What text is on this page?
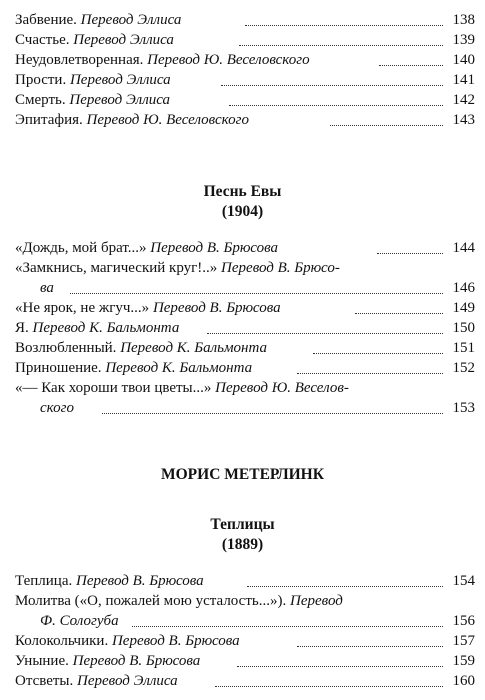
Забвение. Перевод Эллиса	138
Счастье. Перевод Эллиса	139
Неудовлетворенная. Перевод Ю. Веселовского	140
Прости. Перевод Эллиса	141
Смерть. Перевод Эллиса	142
Эпитафия. Перевод Ю. Веселовского	143
Песнь Евы
(1904)
«Дождь, мой брат...» Перевод В. Брюсова	144
«Замкнись, магический круг!..» Перевод В. Брюсо-
ва	146
«Не ярок, не жгуч...» Перевод В. Брюсова	149
Я. Перевод К. Бальмонта	150
Возлюбленный. Перевод К. Бальмонта	151
Приношение. Перевод К. Бальмонта	152
«— Как хороши твои цветы...» Перевод Ю. Веселов-
ского	153
МОРИС МЕТЕРЛИНК
Теплицы
(1889)
Теплица. Перевод В. Брюсова	154
Молитва («О, пожалей мою усталость...»). Перевод
Ф. Сологуба	156
Колокольчики. Перевод В. Брюсова	157
Уныние. Перевод В. Брюсова	159
Отсветы. Перевод Эллиса	160
